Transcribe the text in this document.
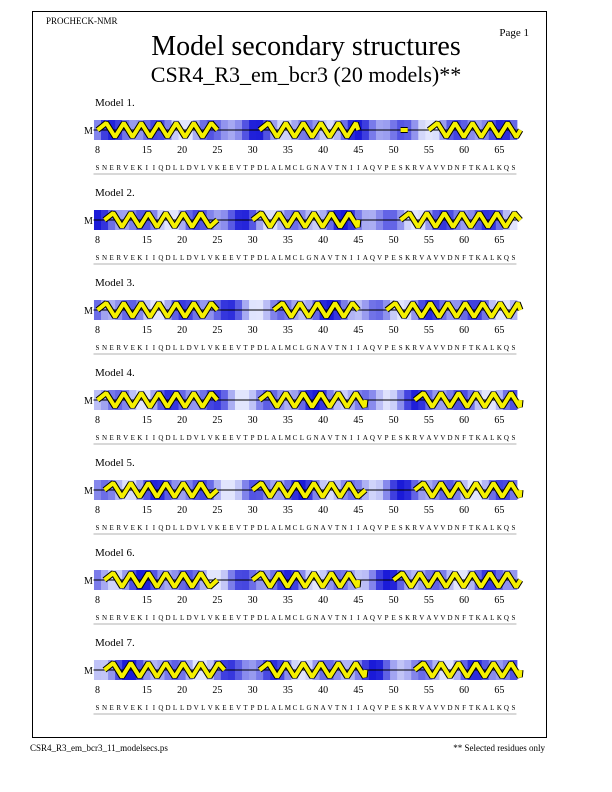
PROCHECK-NMR
Page 1
Model secondary structures
CSR4_R3_em_bcr3 (20 models)**
Model 1.
M
8	15	20	25	30	35	40	45	50	55	60	65
S N E R V E K I I Q D L L D V L V K E E V T P D L A L M C L G N A V T N I I A Q V P E S K R V A V V D N F T K A L K Q S
Model 2.
M
8	15	20	25	30	35	40	45	50	55	60	65
S N E R V E K I I Q D L L D V L V K E E V T P D L A L M C L G N A V T N I I A Q V P E S K R V A V V D N F T K A L K Q S
Model 3.
M
8	15	20	25	30	35	40	45	50	55	60	65
S N E R V E K I I Q D L L D V L V K E E V T P D L A L M C L G N A V T N I I A Q V P E S K R V A V V D N F T K A L K Q S
Model 4.
M
8	15	20	25	30	35	40	45	50	55	60	65
S N E R V E K I I Q D L L D V L V K E E V T P D L A L M C L G N A V T N I I A Q V P E S K R V A V V D N F T K A L K Q S
Model 5.
M
8	15	20	25	30	35	40	45	50	55	60	65
S N E R V E K I I Q D L L D V L V K E E V T P D L A L M C L G N A V T N I I A Q V P E S K R V A V V D N F T K A L K Q S
Model 6.
M
8	15	20	25	30	35	40	45	50	55	60	65
S N E R V E K I I Q D L L D V L V K E E V T P D L A L M C L G N A V T N I I A Q V P E S K R V A V V D N F T K A L K Q S
Model 7.
M
8	15	20	25	30	35	40	45	50	55	60	65
S N E R V E K I I Q D L L D V L V K E E V T P D L A L M C L G N A V T N I I A Q V P E S K R V A V V D N F T K A L K Q S
CSR4_R3_em_bcr3_11_modelsecs.ps	** Selected residues only
